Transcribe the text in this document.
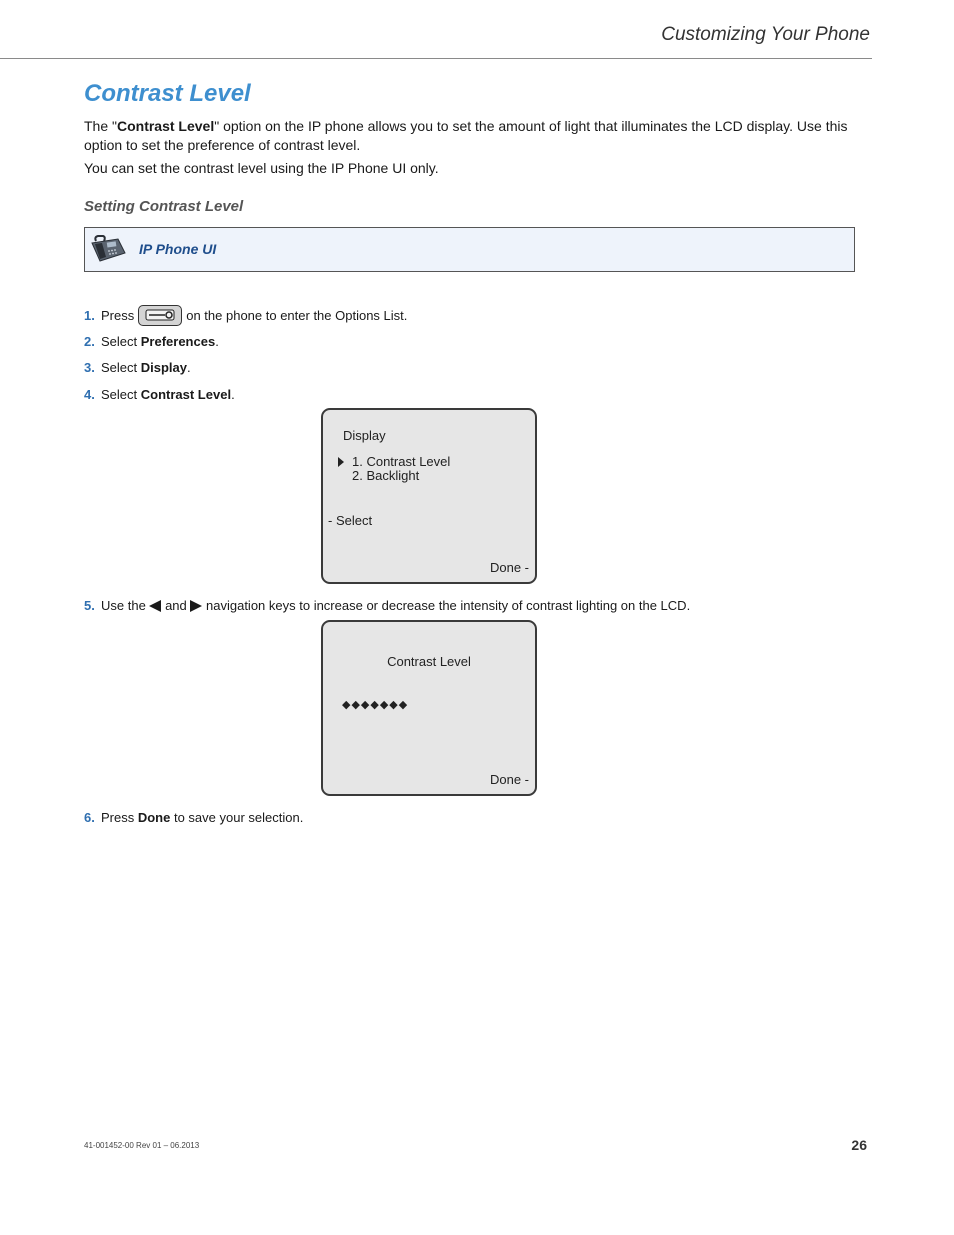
Customizing Your Phone
Contrast Level
The "Contrast Level" option on the IP phone allows you to set the amount of light that illuminates the LCD display. Use this option to set the preference of contrast level.
You can set the contrast level using the IP Phone UI only.
Setting Contrast Level
IP Phone UI
1. Press	on the phone to enter the Options List.
2. Select Preferences.
3. Select Display.
4. Select Contrast Level.
Display
1. Contrast Level
2. Backlight
- Select
Done -
5. Use the and navigation keys to increase or decrease the intensity of contrast lighting on the LCD.
Contrast Level
◆◆◆◆◆◆◆
Done -
6. Press Done to save your selection.
41-001452-00 Rev 01 – 06.2013	26
